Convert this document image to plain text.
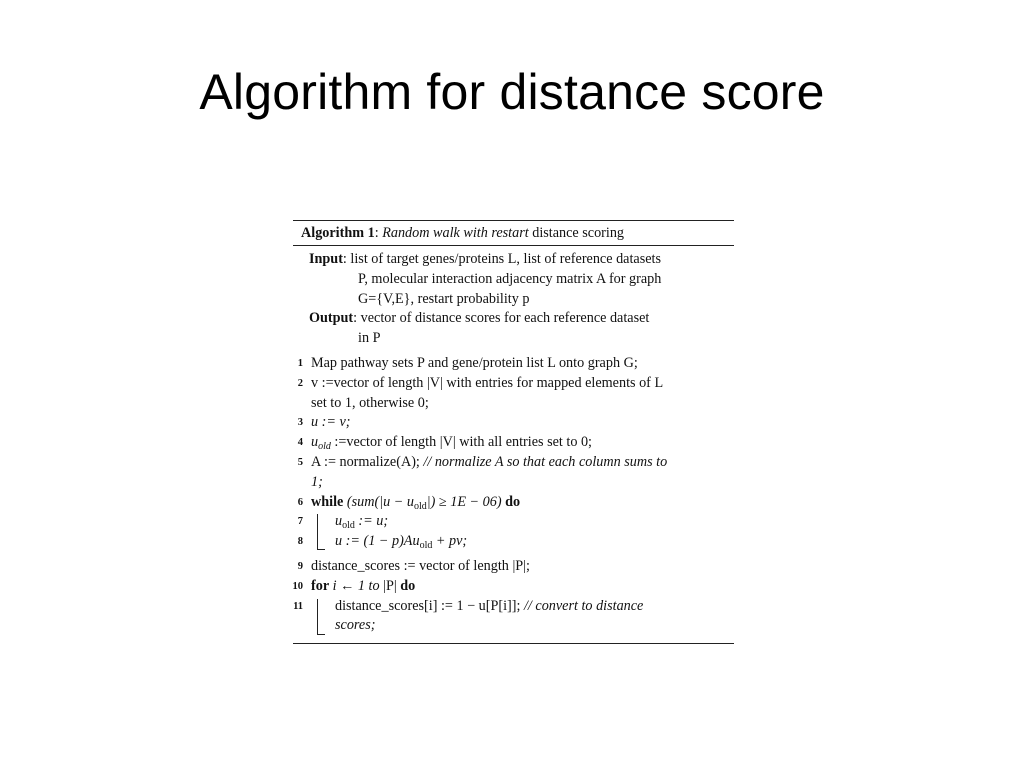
Algorithm for distance score
Algorithm 1: Random walk with restart distance scoring
Input: list of target genes/proteins L, list of reference datasets
P, molecular interaction adjacency matrix A for graph
G={V,E}, restart probability p
Output: vector of distance scores for each reference dataset
in P
1 Map pathway sets P and gene/protein list L onto graph G;
2 v :=vector of length |V| with entries for mapped elements of L
set to 1, otherwise 0;
3 u := v;
4 $u_{old}$ :=vector of length |V| with all entries set to 0;
5 A := normalize(A); // normalize A so that each column sums to
1;
6 while $(sum(|u - u_{old}|) \ge 1E - 06)$ do
7 $u_{old}$ := u;
8 u := $(1 - p)Au_{old}$ + pv;
9 distance_scores := vector of length |P|;
10 for i ← 1 to |P| do
11 distance_scores[i] := 1 − u[P[i]]; // convert to distance
scores;
